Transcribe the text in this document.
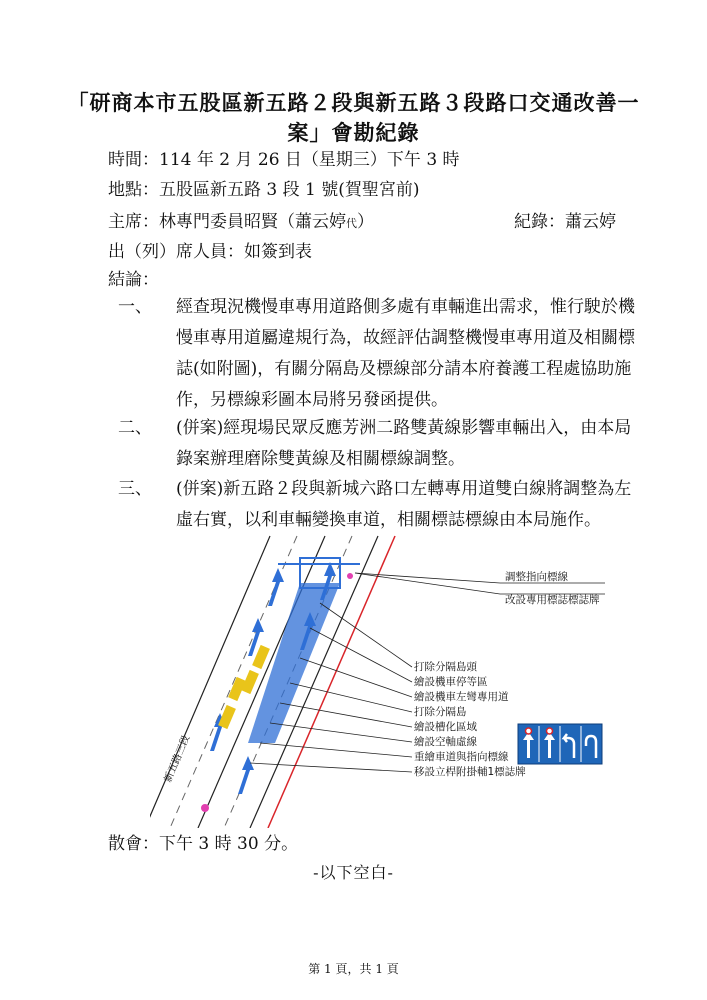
「研商本市五股區新五路２段與新五路３段路口交通改善一
案」會勘紀錄
時間：114 年 2 月 26 日（星期三）下午 3 時
地點：五股區新五路 3 段 1 號(賀聖宮前)
主席：林專門委員昭賢（蕭云婷代）	紀錄：蕭云婷
出（列）席人員：如簽到表
結論：
一、 經查現況機慢車專用道路側多處有車輛進出需求，惟行駛於機
慢車專用道屬違規行為，故經評估調整機慢車專用道及相關標
誌(如附圖)，有關分隔島及標線部分請本府養護工程處協助施
作，另標線彩圖本局將另發函提供。
二、 (併案)經現場民眾反應芳洲二路雙黃線影響車輛出入，由本局
錄案辦理磨除雙黃線及相關標線調整。
三、 (併案)新五路２段與新城六路口左轉專用道雙白線將調整為左
虛右實，以利車輛變換車道，相關標誌標線由本局施作。
新五路三段
調整指向標線
改設專用標誌標誌牌
打除分隔島頭
繪設機車停等區
繪設機車左彎專用道
打除分隔島
繪設槽化區域
繪設空軸虛線
重繪車道與指向標線
移設立桿附掛輔1標誌牌
散會：下午 3 時 30 分。
-以下空白-
第 1 頁，共 1 頁
